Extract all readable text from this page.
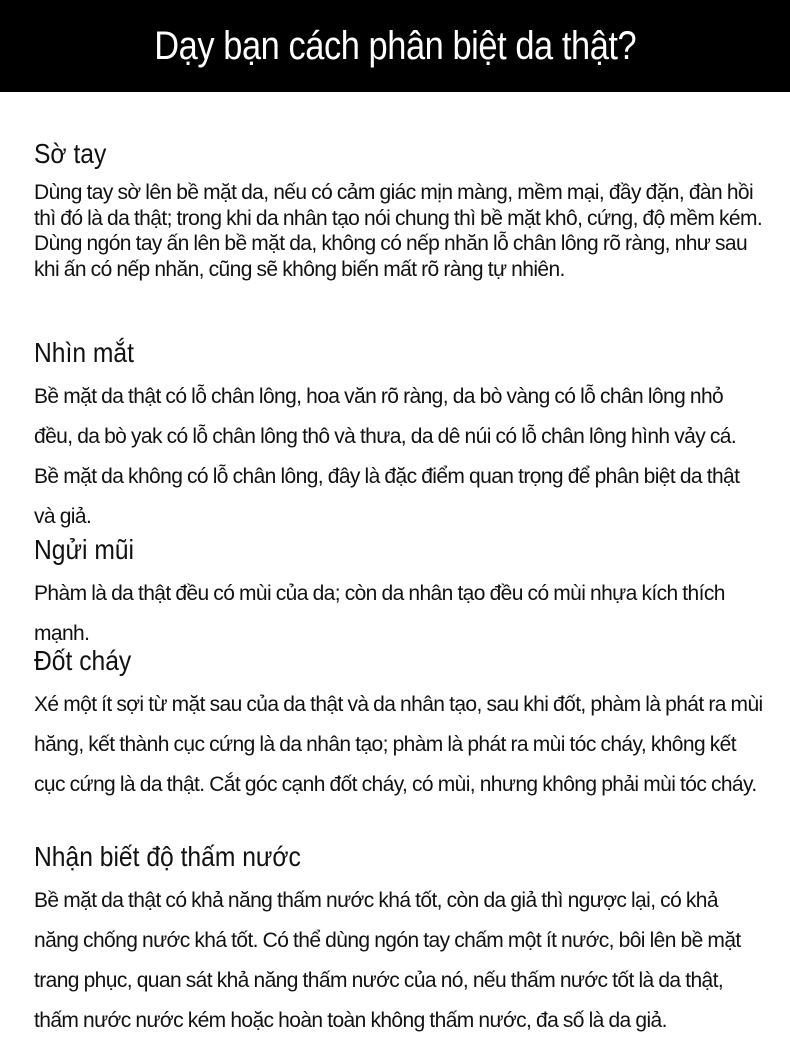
Dạy bạn cách phân biệt da thật?
Sờ tay

Dùng tay sờ lên bề mặt da, nếu có cảm giác mịn màng, mềm mại, đầy đặn, đàn hồi thì đó là da thật; trong khi da nhân tạo nói chung thì bề mặt khô, cứng, độ mềm kém. Dùng ngón tay ấn lên bề mặt da, không có nếp nhăn lỗ chân lông rõ ràng, như sau khi ấn có nếp nhăn, cũng sẽ không biến mất rõ ràng tự nhiên.

Nhìn mắt

Bề mặt da thật có lỗ chân lông, hoa văn rõ ràng, da bò vàng có lỗ chân lông nhỏ đều, da bò yak có lỗ chân lông thô và thưa, da dê núi có lỗ chân lông hình vảy cá. Bề mặt da không có lỗ chân lông, đây là đặc điểm quan trọng để phân biệt da thật và giả.

Ngửi mũi

Phàm là da thật đều có mùi của da; còn da nhân tạo đều có mùi nhựa kích thích mạnh.

Đốt cháy

Xé một ít sợi từ mặt sau của da thật và da nhân tạo, sau khi đốt, phàm là phát ra mùi hăng, kết thành cục cứng là da nhân tạo; phàm là phát ra mùi tóc cháy, không kết cục cứng là da thật. Cắt góc cạnh đốt cháy, có mùi, nhưng không phải mùi tóc cháy.

Nhận biết độ thấm nước

Bề mặt da thật có khả năng thấm nước khá tốt, còn da giả thì ngược lại, có khả năng chống nước khá tốt. Có thể dùng ngón tay chấm một ít nước, bôi lên bề mặt trang phục, quan sát khả năng thấm nước của nó, nếu thấm nước tốt là da thật, thấm nước nước kém hoặc hoàn toàn không thấm nước, đa số là da giả.
